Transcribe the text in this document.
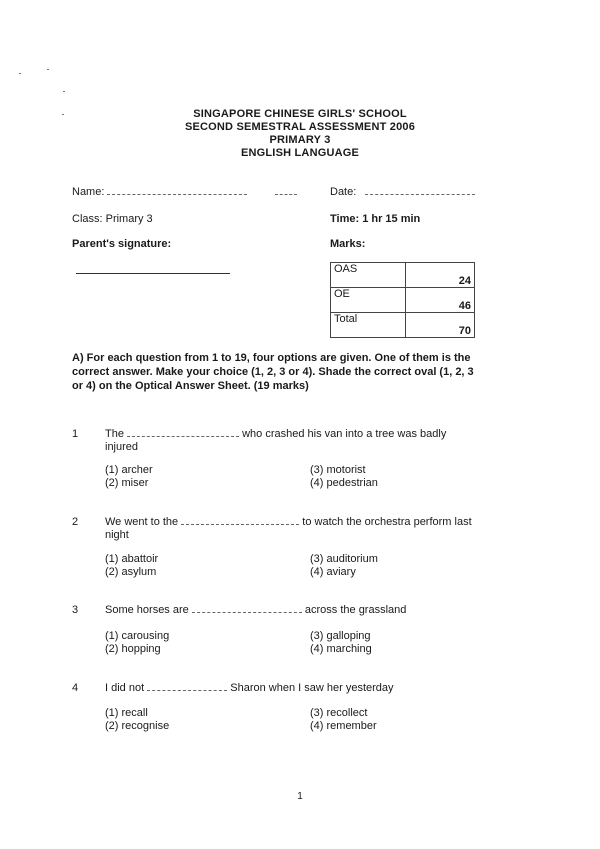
SINGAPORE CHINESE GIRLS' SCHOOL
SECOND SEMESTRAL ASSESSMENT 2006
PRIMARY 3
ENGLISH LANGUAGE
Name:	Date:
Class: Primary 3	Time: 1 hr 15 min
Parent's signature:	Marks:
OAS	24
OE	46
Total	70
A) For each question from 1 to 19, four options are given. One of them is the correct answer. Make your choice (1, 2, 3 or 4). Shade the correct oval (1, 2, 3 or 4) on the Optical Answer Sheet. (19 marks)
1 The	who crashed his van into a tree was badly injured
(1) archer
(2) miser
(3) motorist
(4) pedestrian
2 We went to the	to watch the orchestra perform last night
(1) abattoir
(2) asylum
(3) auditorium
(4) aviary
3 Some horses are	across the grassland
(1) carousing
(2) hopping
(3) galloping
(4) marching
4 I did not	Sharon when I saw her yesterday
(1) recall
(2) recognise
(3) recollect
(4) remember
1
